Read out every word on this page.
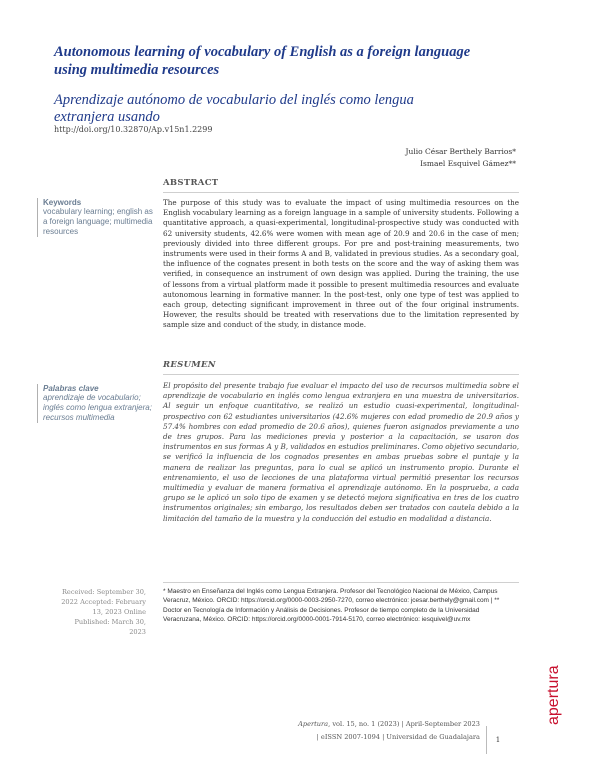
Autonomous learning of vocabulary of English as a foreign language using multimedia resources
Aprendizaje autónomo de vocabulario del inglés como lengua extranjera usando
http://doi.org/10.32870/Ap.v15n1.2299
Julio César Berthely Barrios*
Ismael Esquivel Gámez**
ABSTRACT
The purpose of this study was to evaluate the impact of using multimedia resources on the English vocabulary learning as a foreign language in a sample of university students. Following a quantitative approach, a quasi-experimental, longitudinal-prospective study was conducted with 62 university students, 42.6% were women with mean age of 20.9 and 20.6 in the case of men; previously divided into three different groups. For pre and post-training measurements, two instruments were used in their forms A and B, validated in previous studies. As a secondary goal, the influence of the cognates present in both tests on the score and the way of asking them was verified, in consequence an instrument of own design was applied. During the training, the use of lessons from a virtual platform made it possible to present multimedia resources and evaluate autonomous learning in formative manner. In the post-test, only one type of test was applied to each group, detecting significant improvement in three out of the four original instruments. However, the results should be treated with reservations due to the limitation represented by sample size and conduct of the study, in distance mode.
Keywords
vocabulary learning; english as a foreign language; multimedia resources
RESUMEN
El propósito del presente trabajo fue evaluar el impacto del uso de recursos multimedia sobre el aprendizaje de vocabulario en inglés como lengua extranjera en una muestra de universitarios. Al seguir un enfoque cuantitativo, se realizó un estudio cuasi-experimental, longitudinal-prospectivo con 62 estudiantes universitarios (42.6% mujeres con edad promedio de 20.9 años y 57.4% hombres con edad promedio de 20.6 años), quienes fueron asignados previamente a uno de tres grupos. Para las mediciones previa y posterior a la capacitación, se usaron dos instrumentos en sus formas A y B, validados en estudios preliminares. Como objetivo secundario, se verificó la influencia de los cognados presentes en ambas pruebas sobre el puntaje y la manera de realizar las preguntas, para lo cual se aplicó un instrumento propio. Durante el entrenamiento, el uso de lecciones de una plataforma virtual permitió presentar los recursos multimedia y evaluar de manera formativa el aprendizaje autónomo. En la posprueba, a cada grupo se le aplicó un solo tipo de examen y se detectó mejora significativa en tres de los cuatro instrumentos originales; sin embargo, los resultados deben ser tratados con cautela debido a la limitación del tamaño de la muestra y la conducción del estudio en modalidad a distancia.
Palabras clave
aprendizaje de vocabulario; inglés como lengua extranjera; recursos multimedia
Received: September 30, 2022 Accepted: February 13, 2023 Online Published: March 30, 2023
* Maestro en Enseñanza del Inglés como Lengua Extranjera. Profesor del Tecnológico Nacional de México, Campus Veracruz, México. ORCID: https://orcid.org/0000-0003-2950-7270, correo electrónico: jcesar.berthely@gmail.com | ** Doctor en Tecnología de Información y Análisis de Decisiones. Profesor de tiempo completo de la Universidad Veracruzana, México. ORCID: https://orcid.org/0000-0001-7914-5170, correo electrónico: iesquivel@uv.mx
apertura
Apertura, vol. 15, no. 1 (2023) | April-September 2023
| eISSN 2007-1094 | Universidad de Guadalajara	1
